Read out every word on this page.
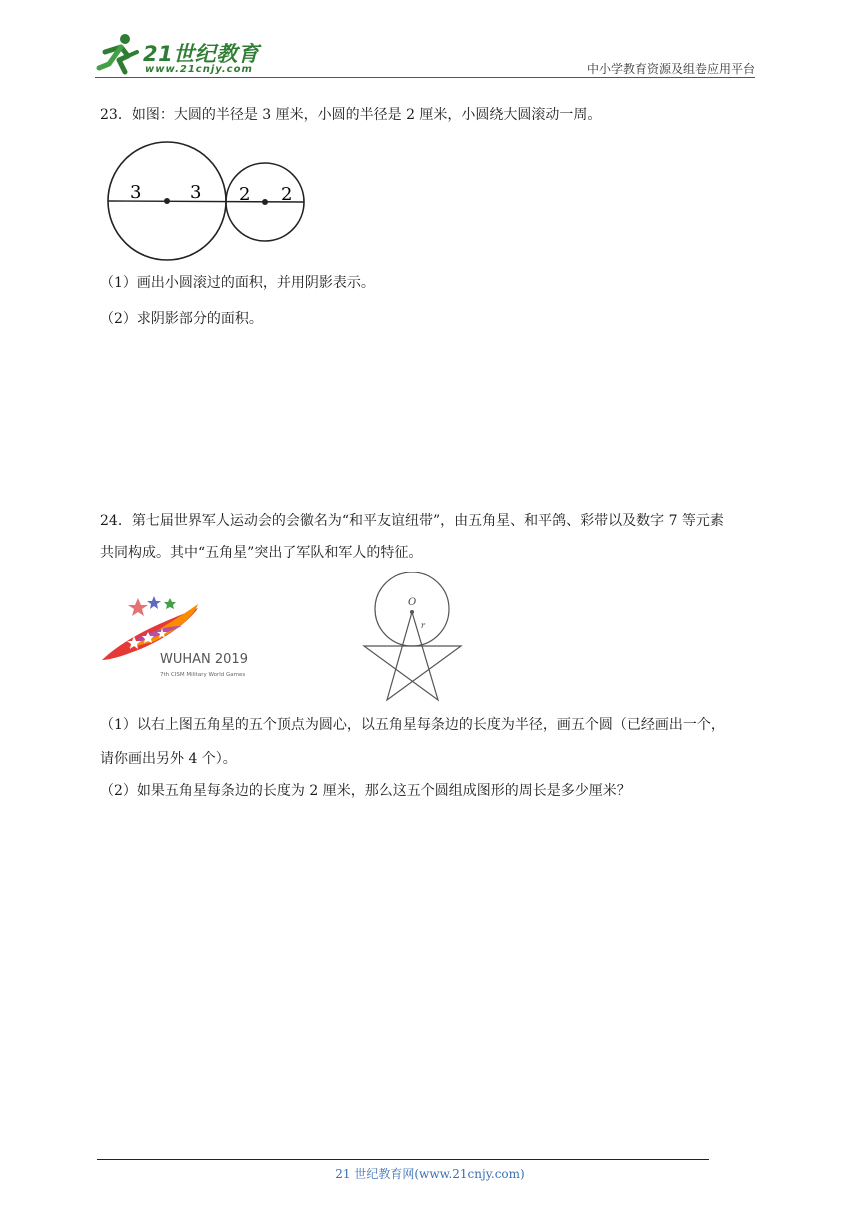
21世纪教育
www.21cnjy.com	中小学教育资源及组卷应用平台
23．如图：大圆的半径是 3 厘米，小圆的半径是 2 厘米，小圆绕大圆滚动一周。
3	3 2 2
（1）画出小圆滚过的面积，并用阴影表示。
（2）求阴影部分的面积。
24．第七届世界军人运动会的会徽名为“和平友谊纽带”，由五角星、和平鸽、彩带以及数字 7 等元素
共同构成。其中“五角星”突出了军队和军人的特征。
WUHAN 2019
7th CISM Military World Games
O
r
（1）以右上图五角星的五个顶点为圆心，以五角星每条边的长度为半径，画五个圆（已经画出一个，
请你画出另外 4 个）。
（2）如果五角星每条边的长度为 2 厘米，那么这五个圆组成图形的周长是多少厘米？
21 世纪教育网(www.21cnjy.com)
